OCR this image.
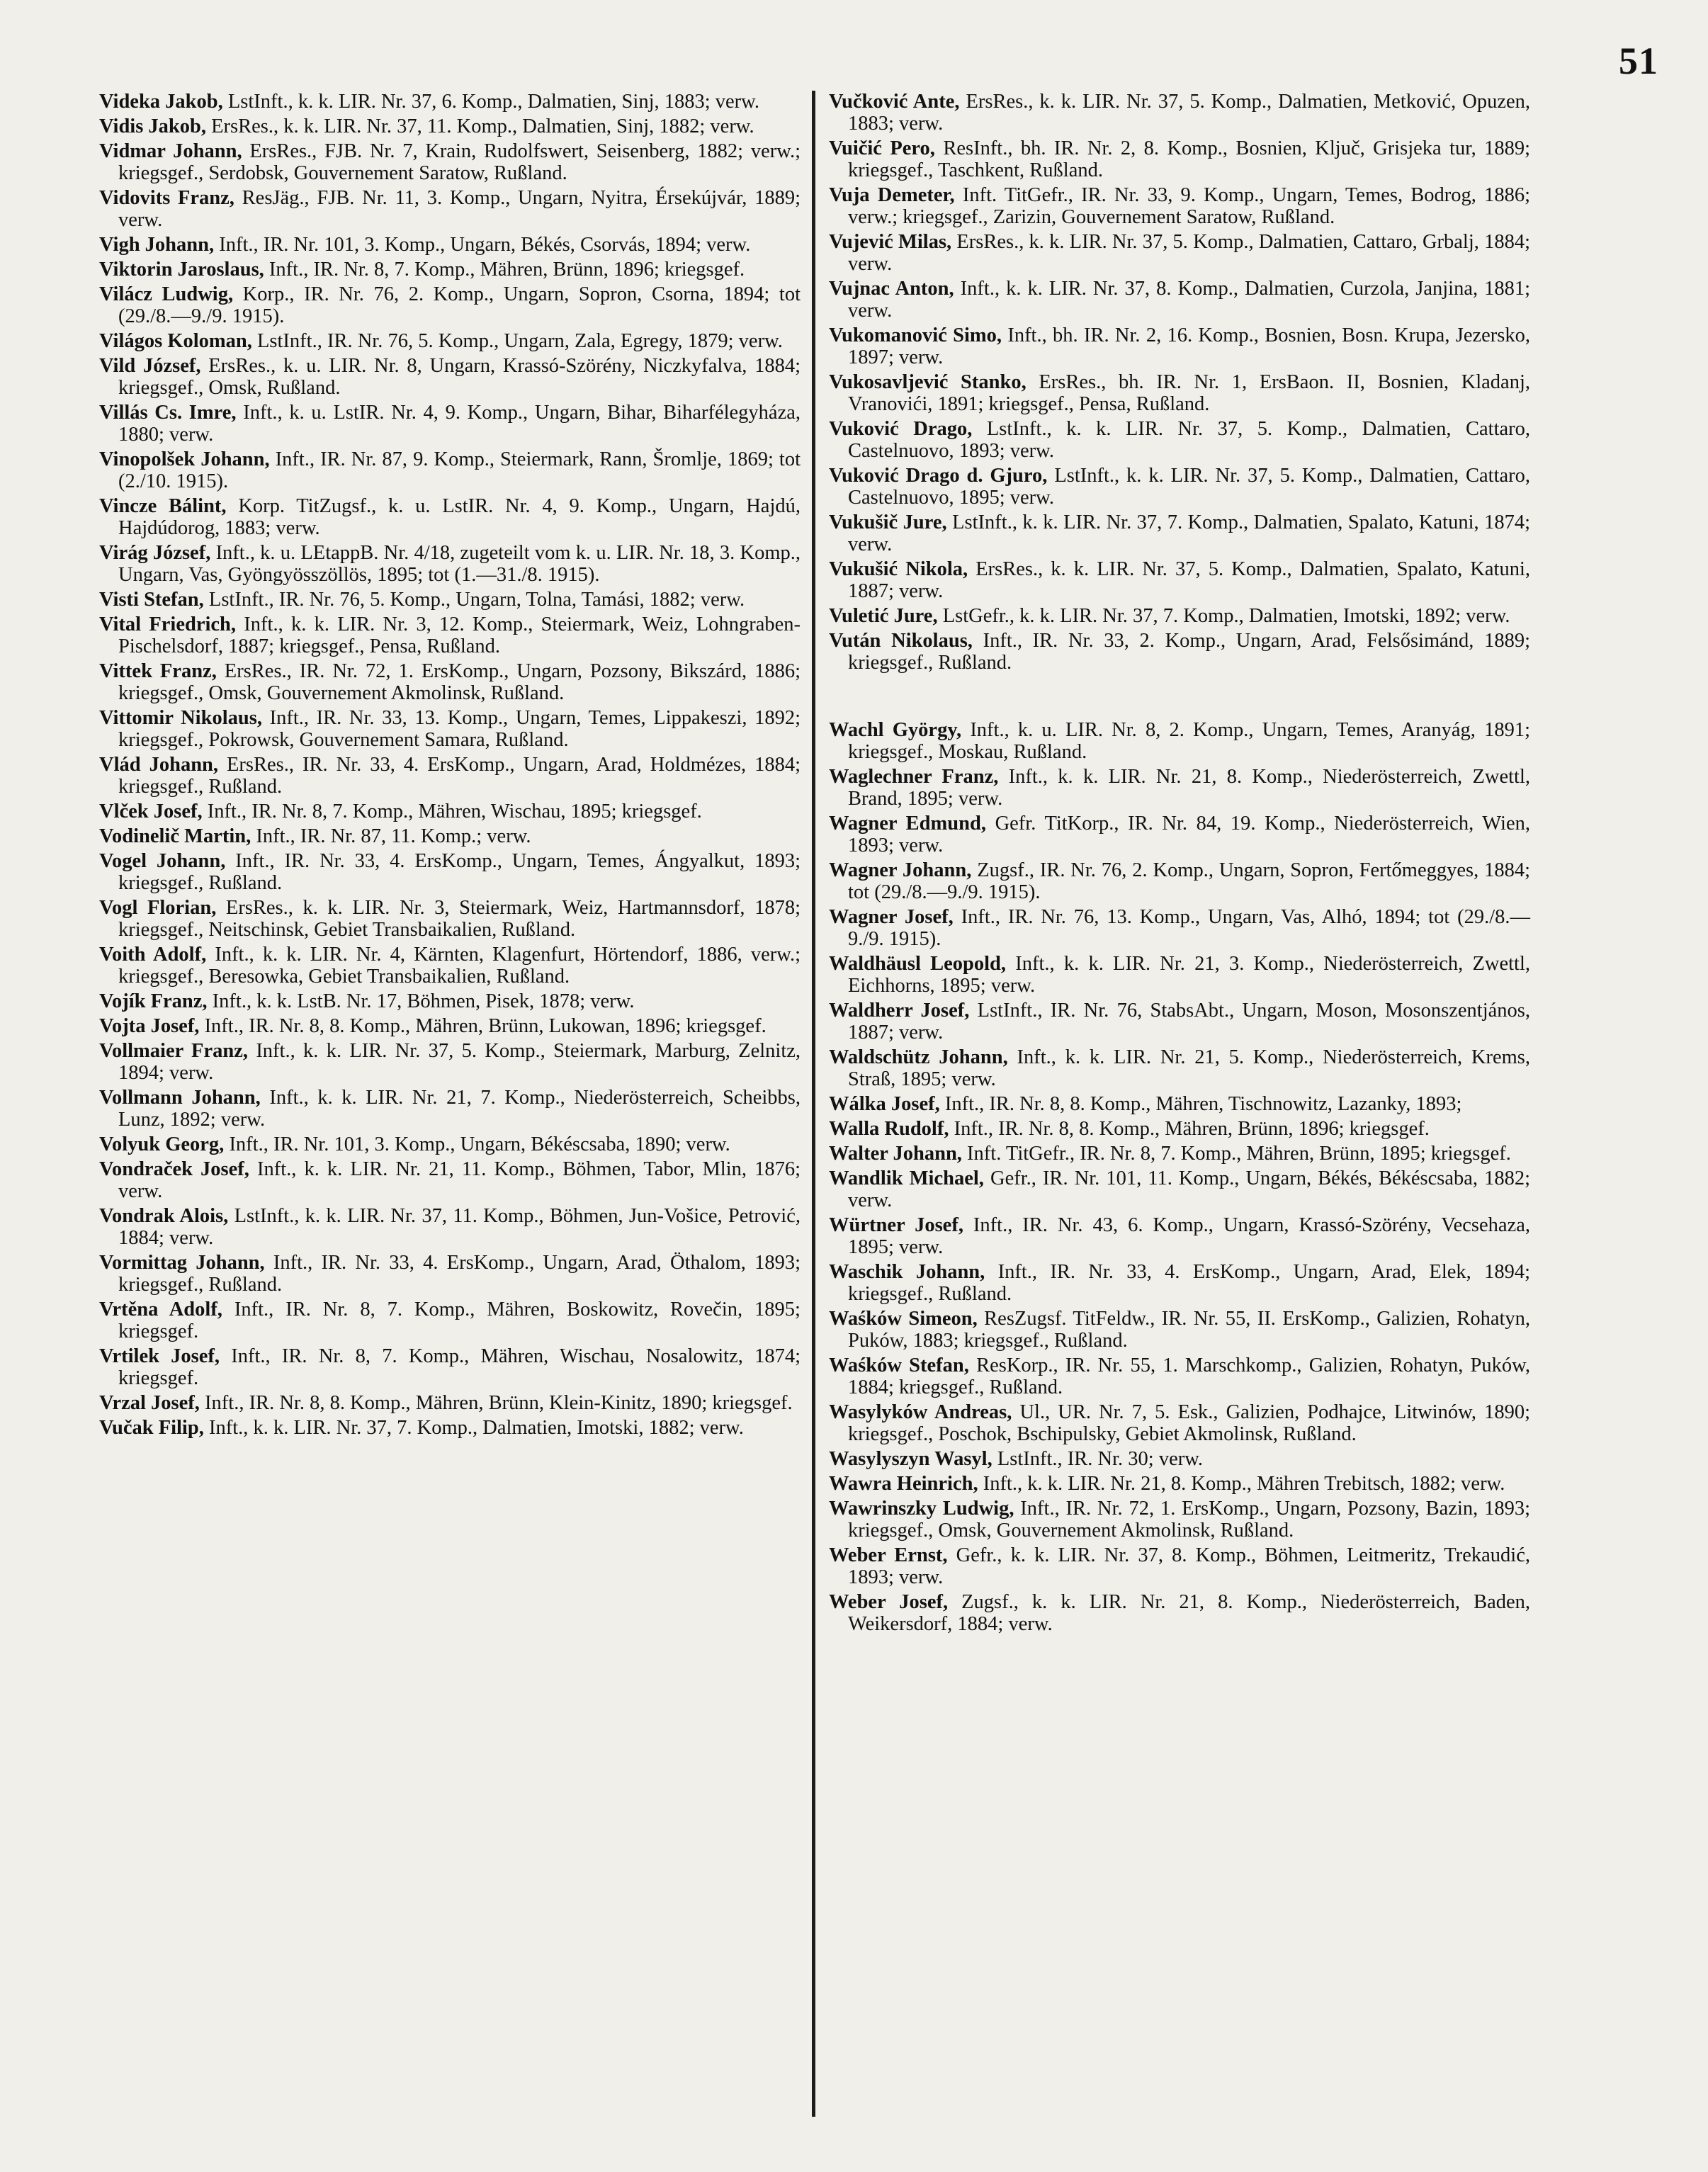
51

Videka Jakob, LstInft., k. k. LIR. Nr. 37, 6. Komp., Dalmatien, Sinj, 1883; verw.

Vidis Jakob, ErsRes., k. k. LIR. Nr. 37, 11. Komp., Dalmatien, Sinj, 1882; verw.

Vidmar Johann, ErsRes., FJB. Nr. 7, Krain, Rudolfswert, Seisenberg, 1882; verw.; kriegsgef., Serdobsk, Gouvernement Saratow, Rußland.

Vidovits Franz, ResJäg., FJB. Nr. 11, 3. Komp., Ungarn, Nyitra, Érsekújvár, 1889; verw.

Vigh Johann, Inft., IR. Nr. 101, 3. Komp., Ungarn, Békés, Csorvás, 1894; verw.

Viktorin Jaroslaus, Inft., IR. Nr. 8, 7. Komp., Mähren, Brünn, 1896; kriegsgef.

Vilácz Ludwig, Korp., IR. Nr. 76, 2. Komp., Ungarn, Sopron, Csorna, 1894; tot (29./8.—9./9. 1915).

Világos Koloman, LstInft., IR. Nr. 76, 5. Komp., Ungarn, Zala, Egregy, 1879; verw.

Vild József, ErsRes., k. u. LIR. Nr. 8, Ungarn, Krassó-Szörény, Niczkyfalva, 1884; kriegsgef., Omsk, Rußland.

Villás Cs. Imre, Inft., k. u. LstIR. Nr. 4, 9. Komp., Ungarn, Bihar, Biharfélegyháza, 1880; verw.

Vinopolšek Johann, Inft., IR. Nr. 87, 9. Komp., Steiermark, Rann, Šromlje, 1869; tot (2./10. 1915).

Vincze Bálint, Korp. TitZugsf., k. u. LstIR. Nr. 4, 9. Komp., Ungarn, Hajdú, Hajdúdorog, 1883; verw.

Virág József, Inft., k. u. LEtappB. Nr. 4/18, zugeteilt vom k. u. LIR. Nr. 18, 3. Komp., Ungarn, Vas, Gyöngyösszöllös, 1895; tot (1.—31./8. 1915).

Visti Stefan, LstInft., IR. Nr. 76, 5. Komp., Ungarn, Tolna, Tamási, 1882; verw.

Vital Friedrich, Inft., k. k. LIR. Nr. 3, 12. Komp., Steiermark, Weiz, Lohngraben-Pischelsdorf, 1887; kriegsgef., Pensa, Rußland.

Vittek Franz, ErsRes., IR. Nr. 72, 1. ErsKomp., Ungarn, Pozsony, Bikszárd, 1886; kriegsgef., Omsk, Gouvernement Akmolinsk, Rußland.

Vittomir Nikolaus, Inft., IR. Nr. 33, 13. Komp., Ungarn, Temes, Lippakeszi, 1892; kriegsgef., Pokrowsk, Gouvernement Samara, Rußland.

Vlád Johann, ErsRes., IR. Nr. 33, 4. ErsKomp., Ungarn, Arad, Holdmézes, 1884; kriegsgef., Rußland.

Vlček Josef, Inft., IR. Nr. 8, 7. Komp., Mähren, Wischau, 1895; kriegsgef.

Vodinelič Martin, Inft., IR. Nr. 87, 11. Komp.; verw.

Vogel Johann, Inft., IR. Nr. 33, 4. ErsKomp., Ungarn, Temes, Ángyalkut, 1893; kriegsgef., Rußland.

Vogl Florian, ErsRes., k. k. LIR. Nr. 3, Steiermark, Weiz, Hartmannsdorf, 1878; kriegsgef., Neitschinsk, Gebiet Transbaikalien, Rußland.

Voith Adolf, Inft., k. k. LIR. Nr. 4, Kärnten, Klagenfurt, Hörtendorf, 1886, verw.; kriegsgef., Beresowka, Gebiet Transbaikalien, Rußland.

Vojík Franz, Inft., k. k. LstB. Nr. 17, Böhmen, Pisek, 1878; verw.

Vojta Josef, Inft., IR. Nr. 8, 8. Komp., Mähren, Brünn, Lukowan, 1896; kriegsgef.

Vollmaier Franz, Inft., k. k. LIR. Nr. 37, 5. Komp., Steiermark, Marburg, Zelnitz, 1894; verw.

Vollmann Johann, Inft., k. k. LIR. Nr. 21, 7. Komp., Niederösterreich, Scheibbs, Lunz, 1892; verw.

Volyuk Georg, Inft., IR. Nr. 101, 3. Komp., Ungarn, Békéscsaba, 1890; verw.

Vondraček Josef, Inft., k. k. LIR. Nr. 21, 11. Komp., Böhmen, Tabor, Mlin, 1876; verw.

Vondrak Alois, LstInft., k. k. LIR. Nr. 37, 11. Komp., Böhmen, Jun-Vošice, Petrović, 1884; verw.

Vormittag Johann, Inft., IR. Nr. 33, 4. ErsKomp., Ungarn, Arad, Öthalom, 1893; kriegsgef., Rußland.

Vrtěna Adolf, Inft., IR. Nr. 8, 7. Komp., Mähren, Boskowitz, Rovečin, 1895; kriegsgef.

Vrtilek Josef, Inft., IR. Nr. 8, 7. Komp., Mähren, Wischau, Nosalowitz, 1874; kriegsgef.

Vrzal Josef, Inft., IR. Nr. 8, 8. Komp., Mähren, Brünn, Klein-Kinitz, 1890; kriegsgef.

Vučak Filip, Inft., k. k. LIR. Nr. 37, 7. Komp., Dalmatien, Imotski, 1882; verw.

Vučković Ante, ErsRes., k. k. LIR. Nr. 37, 5. Komp., Dalmatien, Metković, Opuzen, 1883; verw.

Vuičić Pero, ResInft., bh. IR. Nr. 2, 8. Komp., Bosnien, Ključ, Grisjeka tur, 1889; kriegsgef., Taschkent, Rußland.

Vuja Demeter, Inft. TitGefr., IR. Nr. 33, 9. Komp., Ungarn, Temes, Bodrog, 1886; verw.; kriegsgef., Zarizin, Gouvernement Saratow, Rußland.

Vujević Milas, ErsRes., k. k. LIR. Nr. 37, 5. Komp., Dalmatien, Cattaro, Grbalj, 1884; verw.

Vujnac Anton, Inft., k. k. LIR. Nr. 37, 8. Komp., Dalmatien, Curzola, Janjina, 1881; verw.

Vukomanović Simo, Inft., bh. IR. Nr. 2, 16. Komp., Bosnien, Bosn. Krupa, Jezersko, 1897; verw.

Vukosavljević Stanko, ErsRes., bh. IR. Nr. 1, ErsBaon. II, Bosnien, Kladanj, Vranovići, 1891; kriegsgef., Pensa, Rußland.

Vuković Drago, LstInft., k. k. LIR. Nr. 37, 5. Komp., Dalmatien, Cattaro, Castelnuovo, 1893; verw.

Vuković Drago d. Gjuro, LstInft., k. k. LIR. Nr. 37, 5. Komp., Dalmatien, Cattaro, Castelnuovo, 1895; verw.

Vukušič Jure, LstInft., k. k. LIR. Nr. 37, 7. Komp., Dalmatien, Spalato, Katuni, 1874; verw.

Vukušić Nikola, ErsRes., k. k. LIR. Nr. 37, 5. Komp., Dalmatien, Spalato, Katuni, 1887; verw.

Vuletić Jure, LstGefr., k. k. LIR. Nr. 37, 7. Komp., Dalmatien, Imotski, 1892; verw.

Vután Nikolaus, Inft., IR. Nr. 33, 2. Komp., Ungarn, Arad, Felsősimánd, 1889; kriegsgef., Rußland.

Wachl György, Inft., k. u. LIR. Nr. 8, 2. Komp., Ungarn, Temes, Aranyág, 1891; kriegsgef., Moskau, Rußland.

Waglechner Franz, Inft., k. k. LIR. Nr. 21, 8. Komp., Niederösterreich, Zwettl, Brand, 1895; verw.

Wagner Edmund, Gefr. TitKorp., IR. Nr. 84, 19. Komp., Niederösterreich, Wien, 1893; verw.

Wagner Johann, Zugsf., IR. Nr. 76, 2. Komp., Ungarn, Sopron, Fertőmeggyes, 1884; tot (29./8.—9./9. 1915).

Wagner Josef, Inft., IR. Nr. 76, 13. Komp., Ungarn, Vas, Alhó, 1894; tot (29./8.—9./9. 1915).

Waldhäusl Leopold, Inft., k. k. LIR. Nr. 21, 3. Komp., Niederösterreich, Zwettl, Eichhorns, 1895; verw.

Waldherr Josef, LstInft., IR. Nr. 76, StabsAbt., Ungarn, Moson, Mosonszentjános, 1887; verw.

Waldschütz Johann, Inft., k. k. LIR. Nr. 21, 5. Komp., Niederösterreich, Krems, Straß, 1895; verw.

Wálka Josef, Inft., IR. Nr. 8, 8. Komp., Mähren, Tischnowitz, Lazanky, 1893;

Walla Rudolf, Inft., IR. Nr. 8, 8. Komp., Mähren, Brünn, 1896; kriegsgef.

Walter Johann, Inft. TitGefr., IR. Nr. 8, 7. Komp., Mähren, Brünn, 1895; kriegsgef.

Wandlik Michael, Gefr., IR. Nr. 101, 11. Komp., Ungarn, Békés, Békéscsaba, 1882; verw.

Würtner Josef, Inft., IR. Nr. 43, 6. Komp., Ungarn, Krassó-Szörény, Vecsehaza, 1895; verw.

Waschik Johann, Inft., IR. Nr. 33, 4. ErsKomp., Ungarn, Arad, Elek, 1894; kriegsgef., Rußland.

Waśków Simeon, ResZugsf. TitFeldw., IR. Nr. 55, II. ErsKomp., Galizien, Rohatyn, Puków, 1883; kriegsgef., Rußland.

Waśków Stefan, ResKorp., IR. Nr. 55, 1. Marschkomp., Galizien, Rohatyn, Puków, 1884; kriegsgef., Rußland.

Wasylyków Andreas, Ul., UR. Nr. 7, 5. Esk., Galizien, Podhajce, Litwinów, 1890; kriegsgef., Poschok, Bschipulsky, Gebiet Akmolinsk, Rußland.

Wasylyszyn Wasyl, LstInft., IR. Nr. 30; verw.

Wawra Heinrich, Inft., k. k. LIR. Nr. 21, 8. Komp., Mähren Trebitsch, 1882; verw.

Wawrinszky Ludwig, Inft., IR. Nr. 72, 1. ErsKomp., Ungarn, Pozsony, Bazin, 1893; kriegsgef., Omsk, Gouvernement Akmolinsk, Rußland.

Weber Ernst, Gefr., k. k. LIR. Nr. 37, 8. Komp., Böhmen, Leitmeritz, Trekaudić, 1893; verw.

Weber Josef, Zugsf., k. k. LIR. Nr. 21, 8. Komp., Niederösterreich, Baden, Weikersdorf, 1884; verw.
